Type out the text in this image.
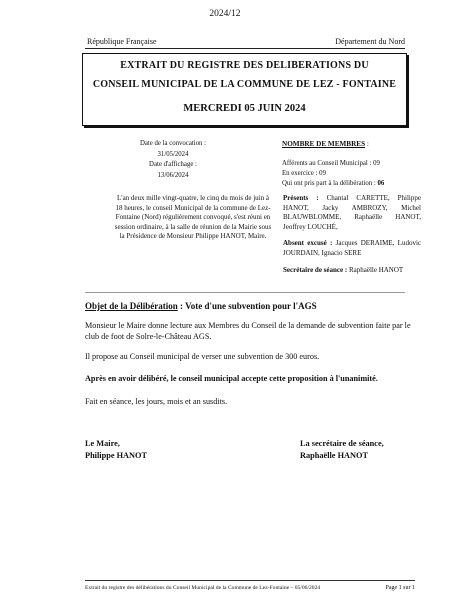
2024/12
République Française	Département du Nord
EXTRAIT DU REGISTRE DES DELIBERATIONS DU
CONSEIL MUNICIPAL DE LA COMMUNE DE LEZ - FONTAINE
MERCREDI 05 JUIN 2024
Date de la convocation :
31/05/2024
Date d'affichage :
13/06/2024
NOMBRE DE MEMBRES :
Afférents au Conseil Municipal : 09
En exercice : 09
Qui ont pris part à la délibération : 06
L'an deux mille vingt-quatre, le cinq du mois de juin à 18 heures, le conseil Municipal de la commune de Lez-Fontaine (Nord) régulièrement convoqué, s'est réuni en session ordinaire, à la salle de réunion de la Mairie sous la Présidence de Monsieur Philippe HANOT, Maire.

Présents : Chantal CARETTE, Philippe HANOT, Jacky AMBROZY, Michel BLAUWBLOMME, Raphaëlle HANOT, Jeoffrey LOUCHÉ,

Absent excusé : Jacques DERAIME, Ludovic JOURDAIN, Ignacio SERE

Secrétaire de séance : Raphaëlle HANOT

Objet de la Délibération : Vote d'une subvention pour l'AGS
Monsieur le Maire donne lecture aux Membres du Conseil de la demande de subvention faite par le club de foot de Solre-le-Château AGS.
Il propose au Conseil municipal de verser une subvention de 300 euros.
Après en avoir délibéré, le conseil municipal accepte cette proposition à l'unanimité.
Fait en séance, les jours, mois et an susdits.
Le Maire,
Philippe HANOT
La secrétaire de séance,
Raphaëlle HANOT
Extrait du registre des délibérations du Conseil Municipal de la Commune de Lez-Fontaine – 05/06/2024	Page 1 sur 1
